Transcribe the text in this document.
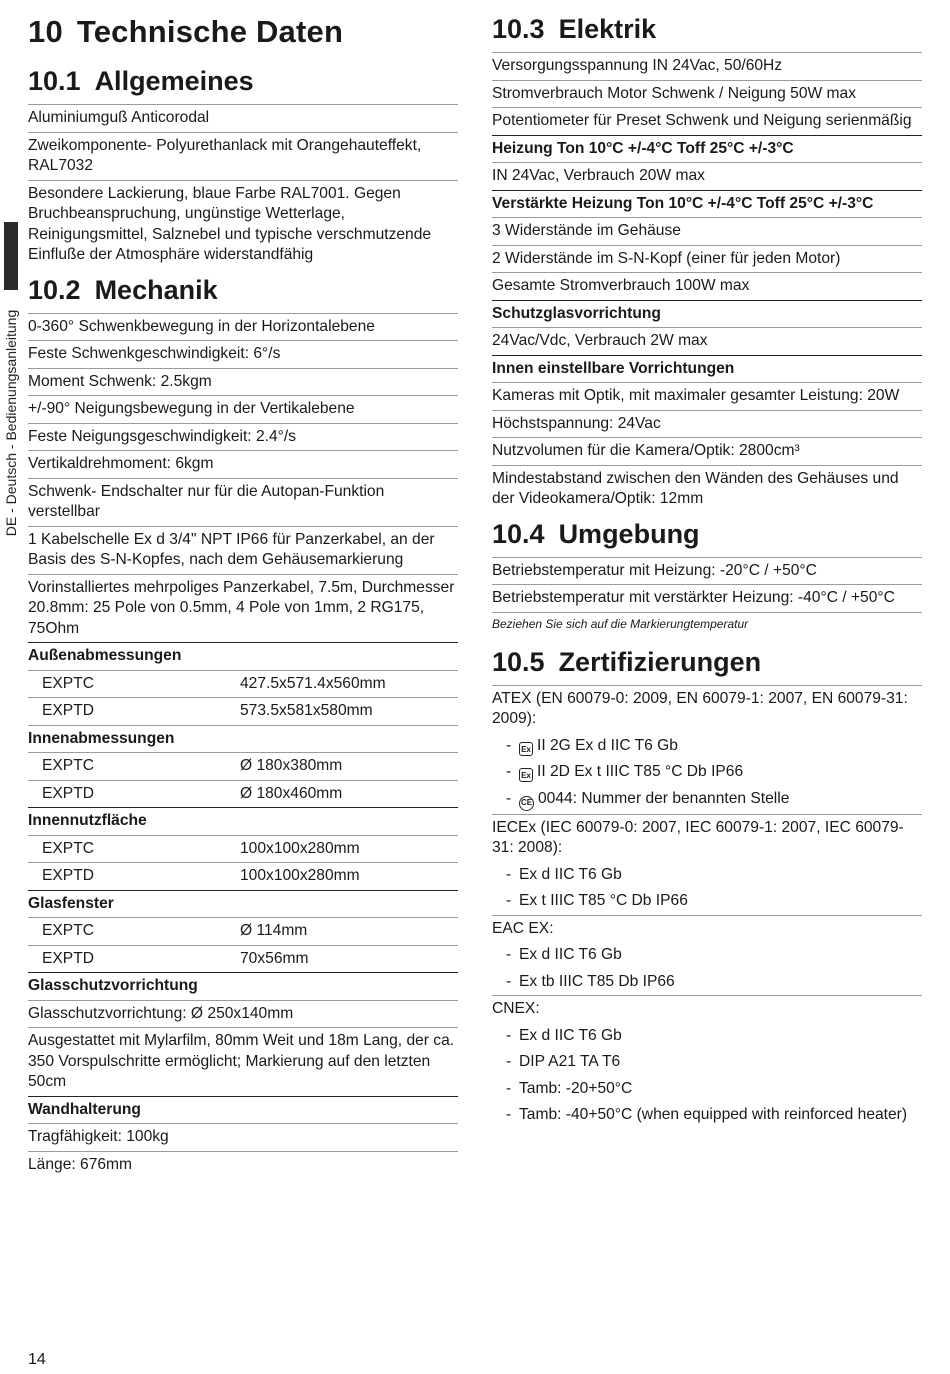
DE - Deutsch - Bedienungsanleitung
10 Technische Daten
10.1 Allgemeines
Aluminiumguß Anticorodal
Zweikomponente- Polyurethanlack mit Orangehauteffekt, RAL7032
Besondere Lackierung, blaue Farbe RAL7001. Gegen Bruchbeanspruchung, ungünstige Wetterlage, Reinigungsmittel, Salznebel und typische verschmutzende Einfluße der Atmosphäre widerstandfähig
10.2 Mechanik
0-360° Schwenkbewegung in der Horizontalebene
Feste Schwenkgeschwindigkeit: 6°/s
Moment Schwenk: 2.5kgm
+/-90° Neigungsbewegung in der Vertikalebene
Feste Neigungsgeschwindigkeit: 2.4°/s
Vertikaldrehmoment: 6kgm
Schwenk- Endschalter nur für die Autopan-Funktion verstellbar
1 Kabelschelle Ex d 3/4" NPT IP66 für Panzerkabel, an der Basis des S-N-Kopfes, nach dem Gehäusemarkierung
Vorinstalliertes mehrpoliges Panzerkabel, 7.5m, Durchmesser 20.8mm: 25 Pole von 0.5mm, 4 Pole von 1mm, 2 RG175, 75Ohm
Außenabmessungen
EXPTC	427.5x571.4x560mm
EXPTD	573.5x581x580mm
Innenabmessungen
EXPTC	Ø 180x380mm
EXPTD	Ø 180x460mm
Innennutzfläche
EXPTC	100x100x280mm
EXPTD	100x100x280mm
Glasfenster
EXPTC	Ø 114mm
EXPTD	70x56mm
Glasschutzvorrichtung
Glasschutzvorrichtung: Ø 250x140mm
Ausgestattet mit Mylarfilm, 80mm Weit und 18m Lang, der ca. 350 Vorspulschritte ermöglicht; Markierung auf den letzten 50cm
Wandhalterung
Tragfähigkeit: 100kg
Länge: 676mm
10.3 Elektrik
Versorgungsspannung IN 24Vac, 50/60Hz
Stromverbrauch Motor Schwenk / Neigung 50W max
Potentiometer für Preset Schwenk und Neigung serienmäßig
Heizung Ton 10°C +/-4°C Toff 25°C +/-3°C
IN 24Vac, Verbrauch 20W max
Verstärkte Heizung Ton 10°C +/-4°C Toff 25°C +/-3°C
3 Widerstände im Gehäuse
2 Widerstände im S-N-Kopf (einer für jeden Motor)
Gesamte Stromverbrauch 100W max
Schutzglasvorrichtung
24Vac/Vdc, Verbrauch 2W max
Innen einstellbare Vorrichtungen
Kameras mit Optik, mit maximaler gesamter Leistung: 20W
Höchstspannung: 24Vac
Nutzvolumen für die Kamera/Optik: 2800cm³
Mindestabstand zwischen den Wänden des Gehäuses und der Videokamera/Optik: 12mm
10.4 Umgebung
Betriebstemperatur mit Heizung: -20°C / +50°C
Betriebstemperatur mit verstärkter Heizung: -40°C / +50°C
Beziehen Sie sich auf die Markierungtemperatur
10.5 Zertifizierungen
ATEX (EN 60079-0: 2009, EN 60079-1: 2007, EN 60079-31: 2009):
-	Ex II 2G Ex d IIC T6 Gb
-	Ex II 2D Ex t IIIC T85 °C Db IP66
-	CE 0044: Nummer der benannten Stelle
IECEx (IEC 60079-0: 2007, IEC 60079-1: 2007, IEC 60079-31: 2008):
- Ex d IIC T6 Gb
- Ex t IIIC T85 °C Db IP66
EAC EX:
- Ex d IIC T6 Gb
- Ex tb IIIC T85 Db IP66
CNEX:
- Ex d IIC T6 Gb
- DIP A21 TA T6
- Tamb: -20+50°C
- Tamb: -40+50°C (when equipped with reinforced heater)
14
